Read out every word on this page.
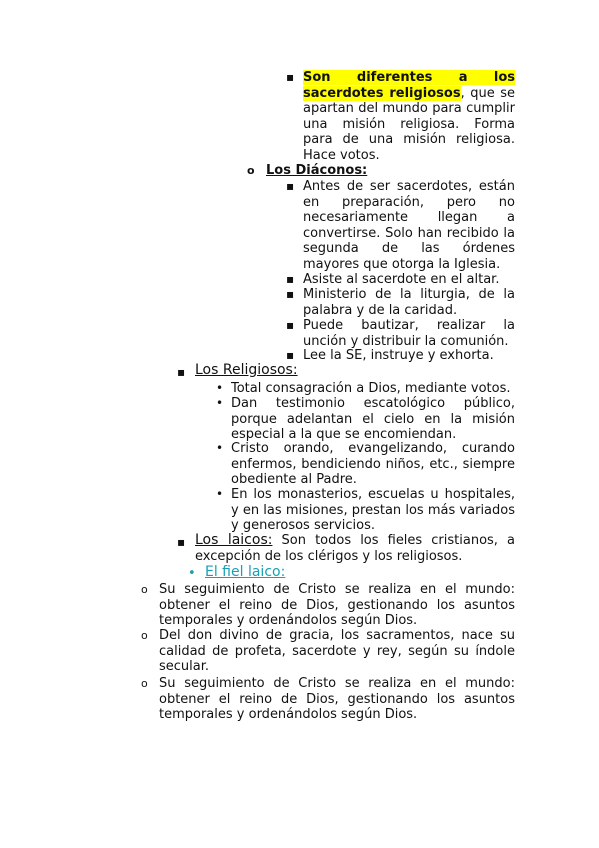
▪ Son diferentes a los sacerdotes religiosos, que se apartan del mundo para cumplir una misión religiosa. Forma para de una misión religiosa. Hace votos.

o Los Diáconos:
▪ Antes de ser sacerdotes, están en preparación, pero no necesariamente llegan a convertirse. Solo han recibido la segunda de las órdenes mayores que otorga la Iglesia.

▪ Asiste al sacerdote en el altar.

▪ Ministerio de la liturgia, de la palabra y de la caridad.

▪ Puede bautizar, realizar la unción y distribuir la comunión.

▪ Lee la SE, instruye y exhorta.

▪ Los Religiosos:
• Total consagración a Dios, mediante votos.

• Dan testimonio escatológico público, porque adelantan el cielo en la misión especial a la que se encomiendan.

• Cristo orando, evangelizando, curando enfermos, bendiciendo niños, etc., siempre obediente al Padre.

• En los monasterios, escuelas u hospitales, y en las misiones, prestan los más variados y generosos servicios.

▪ Los laicos: Son todos los fieles cristianos, a excepción de los clérigos y los religiosos.

• El fiel laico:
o Su seguimiento de Cristo se realiza en el mundo: obtener el reino de Dios, gestionando los asuntos temporales y ordenándolos según Dios.

o Del don divino de gracia, los sacramentos, nace su calidad de profeta, sacerdote y rey, según su índole secular.

o Su seguimiento de Cristo se realiza en el mundo: obtener el reino de Dios, gestionando los asuntos temporales y ordenándolos según Dios.
